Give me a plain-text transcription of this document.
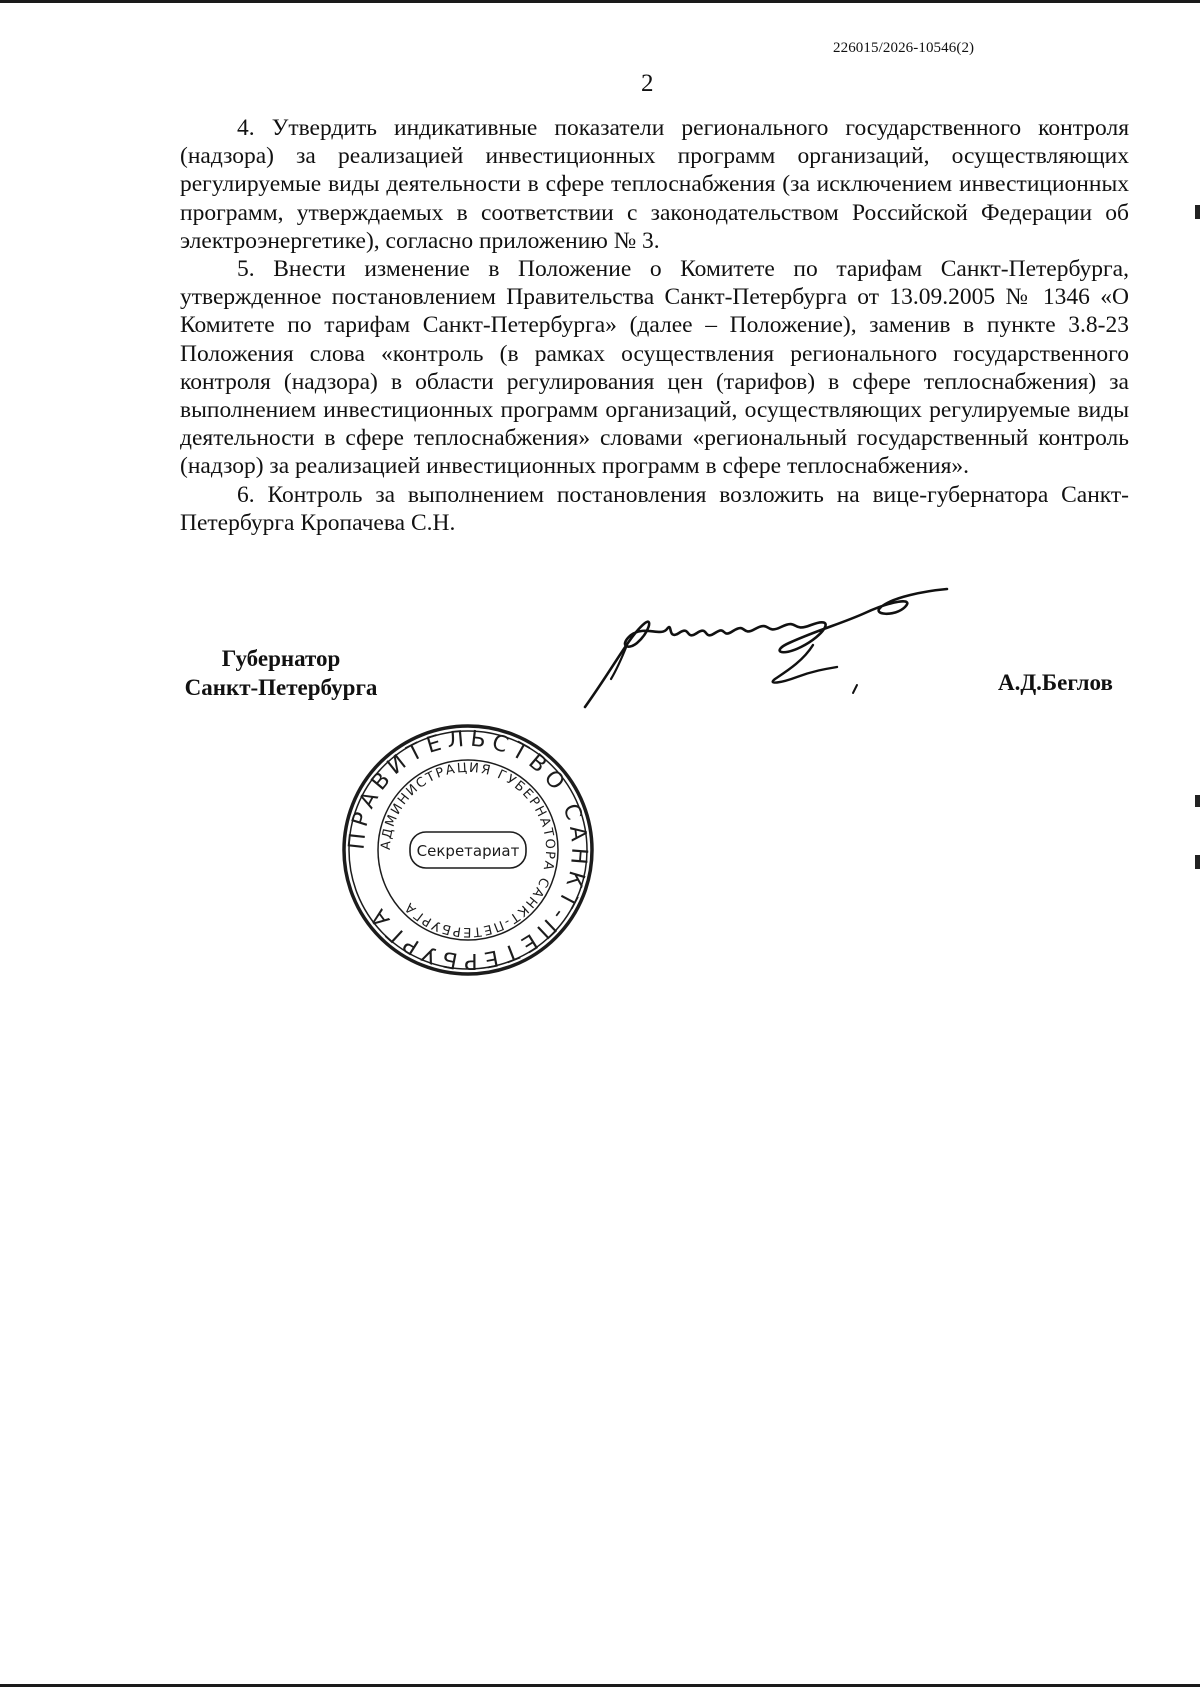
226015/2026-10546(2)
2

4. Утвердить индикативные показатели регионального государственного контроля (надзора) за реализацией инвестиционных программ организаций, осуществляющих регулируемые виды деятельности в сфере теплоснабжения (за исключением инвестиционных программ, утверждаемых в соответствии с законодательством Российской Федерации об электроэнергетике), согласно приложению № 3.

5. Внести изменение в Положение о Комитете по тарифам Санкт-Петербурга, утвержденное постановлением Правительства Санкт-Петербурга от 13.09.2005 № 1346 «О Комитете по тарифам Санкт-Петербурга» (далее – Положение), заменив в пункте 3.8-23 Положения слова «контроль (в рамках осуществления регионального государственного контроля (надзора) в области регулирования цен (тарифов) в сфере теплоснабжения) за выполнением инвестиционных программ организаций, осуществляющих регулируемые виды деятельности в сфере теплоснабжения» словами «региональный государственный контроль (надзор) за реализацией инвестиционных программ в сфере теплоснабжения».

6. Контроль за выполнением постановления возложить на вице-губернатора Санкт-Петербурга Кропачева С.Н.

Губернатор
Санкт-Петербурга	А.Д.Беглов
ПРАВИТЕЛЬСТВО САНКТ-ПЕТЕРБУРГА
АДМИНИСТРАЦИЯ ГУБЕРНАТОРА САНКТ-ПЕТЕРБУРГА
Секретариат
